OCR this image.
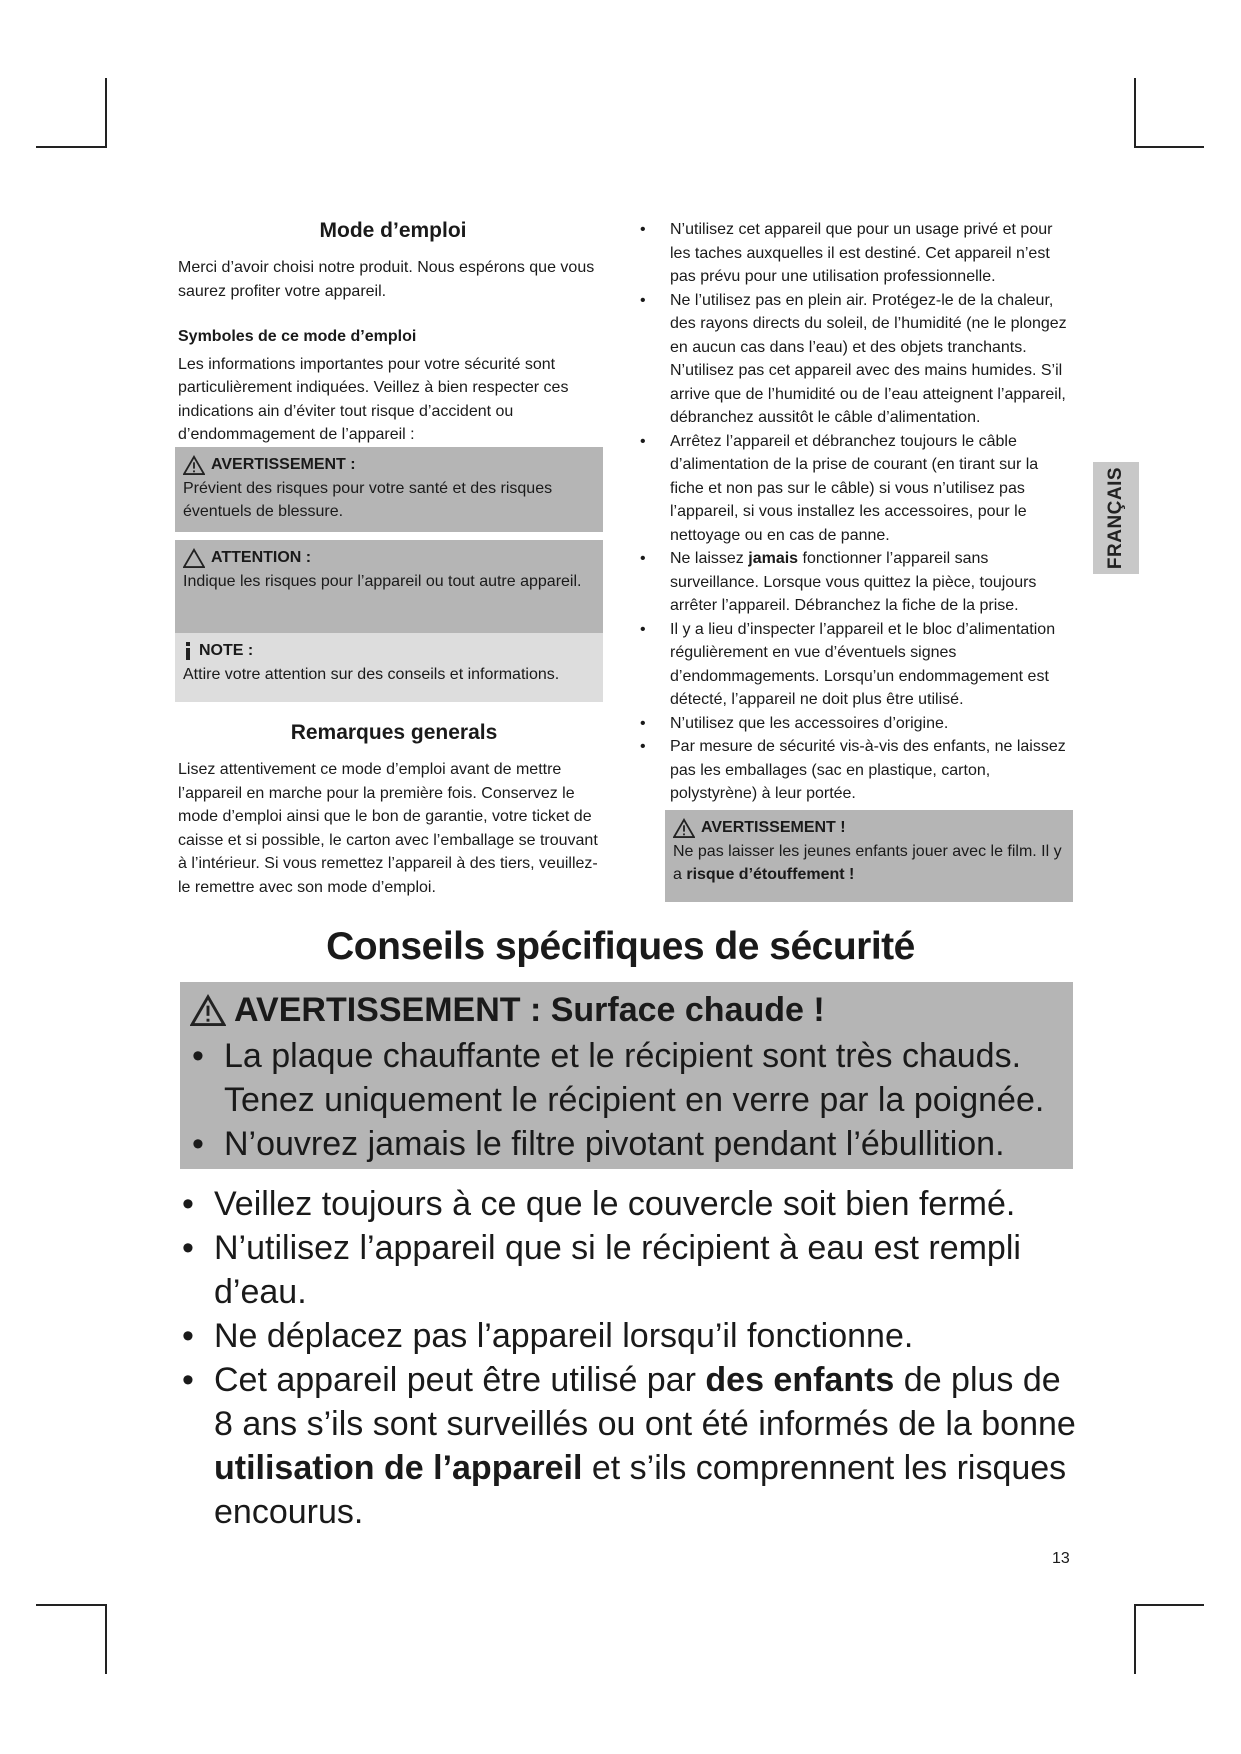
FRANÇAIS
Mode d’emploi

Merci d’avoir choisi notre produit. Nous espérons que vous saurez profiter votre appareil.

Symboles de ce mode d’emploi

Les informations importantes pour votre sécurité sont particulièrement indiquées. Veillez à bien respecter ces indications ain d’éviter tout risque d’accident ou d’endommagement de l’appareil :

AVERTISSEMENT :
Prévient des risques pour votre santé et des risques éventuels de blessure.
ATTENTION :
Indique les risques pour l’appareil ou tout autre appareil.
NOTE :
Attire votre attention sur des conseils et informations.
Remarques generals

Lisez attentivement ce mode d’emploi avant de mettre l’appareil en marche pour la première fois. Conservez le mode d’emploi ainsi que le bon de garantie, votre ticket de caisse et si possible, le carton avec l’emballage se trouvant à l’intérieur. Si vous remettez l’appareil à des tiers, veuillez-le remettre avec son mode d’emploi.

• N’utilisez cet appareil que pour un usage privé et pour les taches auxquelles il est destiné. Cet appareil n’est pas prévu pour une utilisation professionnelle.
• Ne l’utilisez pas en plein air. Protégez-le de la chaleur, des rayons directs du soleil, de l’humidité (ne le plongez en aucun cas dans l’eau) et des objets tranchants. N’utilisez pas cet appareil avec des mains humides. S’il arrive que de l’humidité ou de l’eau atteignent l’appareil, débranchez aussitôt le câble d’alimentation.
• Arrêtez l’appareil et débranchez toujours le câble d’alimentation de la prise de courant (en tirant sur la fiche et non pas sur le câble) si vous n’utilisez pas l’appareil, si vous installez les accessoires, pour le nettoyage ou en cas de panne.
• Ne laissez jamais fonctionner l’appareil sans surveillance. Lorsque vous quittez la pièce, toujours arrêter l’appareil. Débranchez la fiche de la prise.
• Il y a lieu d’inspecter l’appareil et le bloc d’alimentation régulièrement en vue d’éventuels signes d’endommagements. Lorsqu’un endommagement est détecté, l’appareil ne doit plus être utilisé.
• N’utilisez que les accessoires d’origine.
• Par mesure de sécurité vis-à-vis des enfants, ne laissez pas les emballages (sac en plastique, carton, polystyrène) à leur portée.
AVERTISSEMENT !
Ne pas laisser les jeunes enfants jouer avec le film. Il y a risque d’étouffement !
Conseils spécifiques de sécurité
AVERTISSEMENT : Surface chaude !
• La plaque chauffante et le récipient sont très chauds. Tenez uniquement le récipient en verre par la poignée.
• N’ouvrez jamais le filtre pivotant pendant l’ébullition.
• Veillez toujours à ce que le couvercle soit bien fermé.
• N’utilisez l’appareil que si le récipient à eau est rempli d’eau.
• Ne déplacez pas l’appareil lorsqu’il fonctionne.
• Cet appareil peut être utilisé par des enfants de plus de 8 ans s’ils sont surveillés ou ont été informés de la bonne utilisation de l’appareil et s’ils comprennent les risques encourus.
13
